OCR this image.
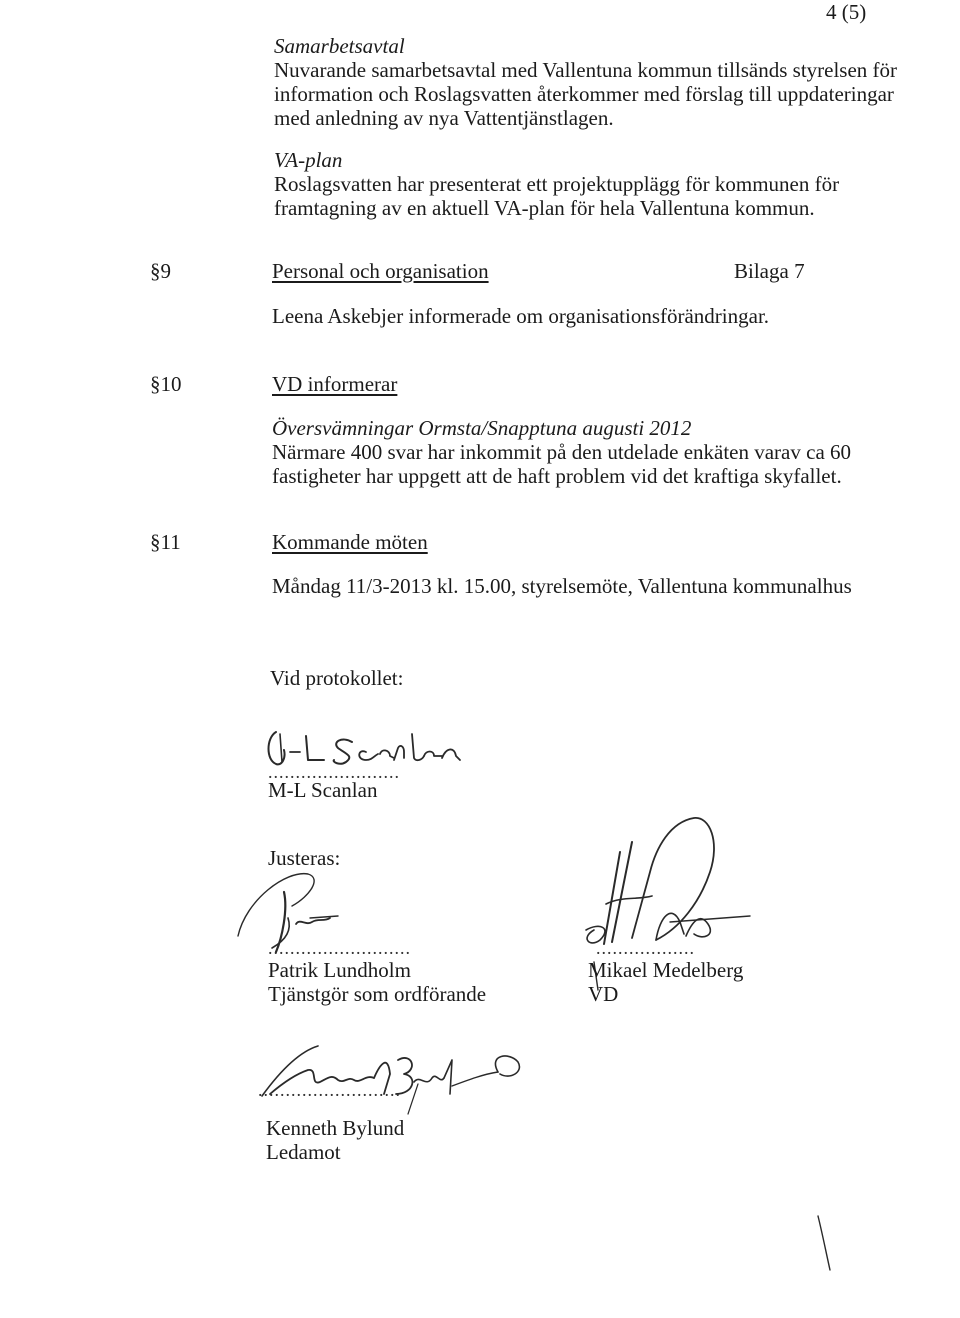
4 (5)
Samarbetsavtal
Nuvarande samarbetsavtal med Vallentuna kommun tillsänds styrelsen för
information och Roslagsvatten återkommer med förslag till uppdateringar
med anledning av nya Vattentjänstlagen.
VA-plan
Roslagsvatten har presenterat ett projektupplägg för kommunen för
framtagning av en aktuell VA-plan för hela Vallentuna kommun.
§9	Personal och organisation	Bilaga 7
Leena Askebjer informerade om organisationsförändringar.
§10	VD informerar
Översvämningar Ormsta/Snapptuna augusti 2012
Närmare 400 svar har inkommit på den utdelade enkäten varav ca 60
fastigheter har uppgett att de haft problem vid det kraftiga skyfallet.
§11	Kommande möten
Måndag 11/3-2013 kl. 15.00, styrelsemöte, Vallentuna kommunalhus
Vid protokollet:
........................
M-L Scanlan
Justeras:
..........................
Patrik Lundholm
Tjänstgör som ordförande
..................
Mikael Medelberg
VD
..........................
Kenneth Bylund
Ledamot
